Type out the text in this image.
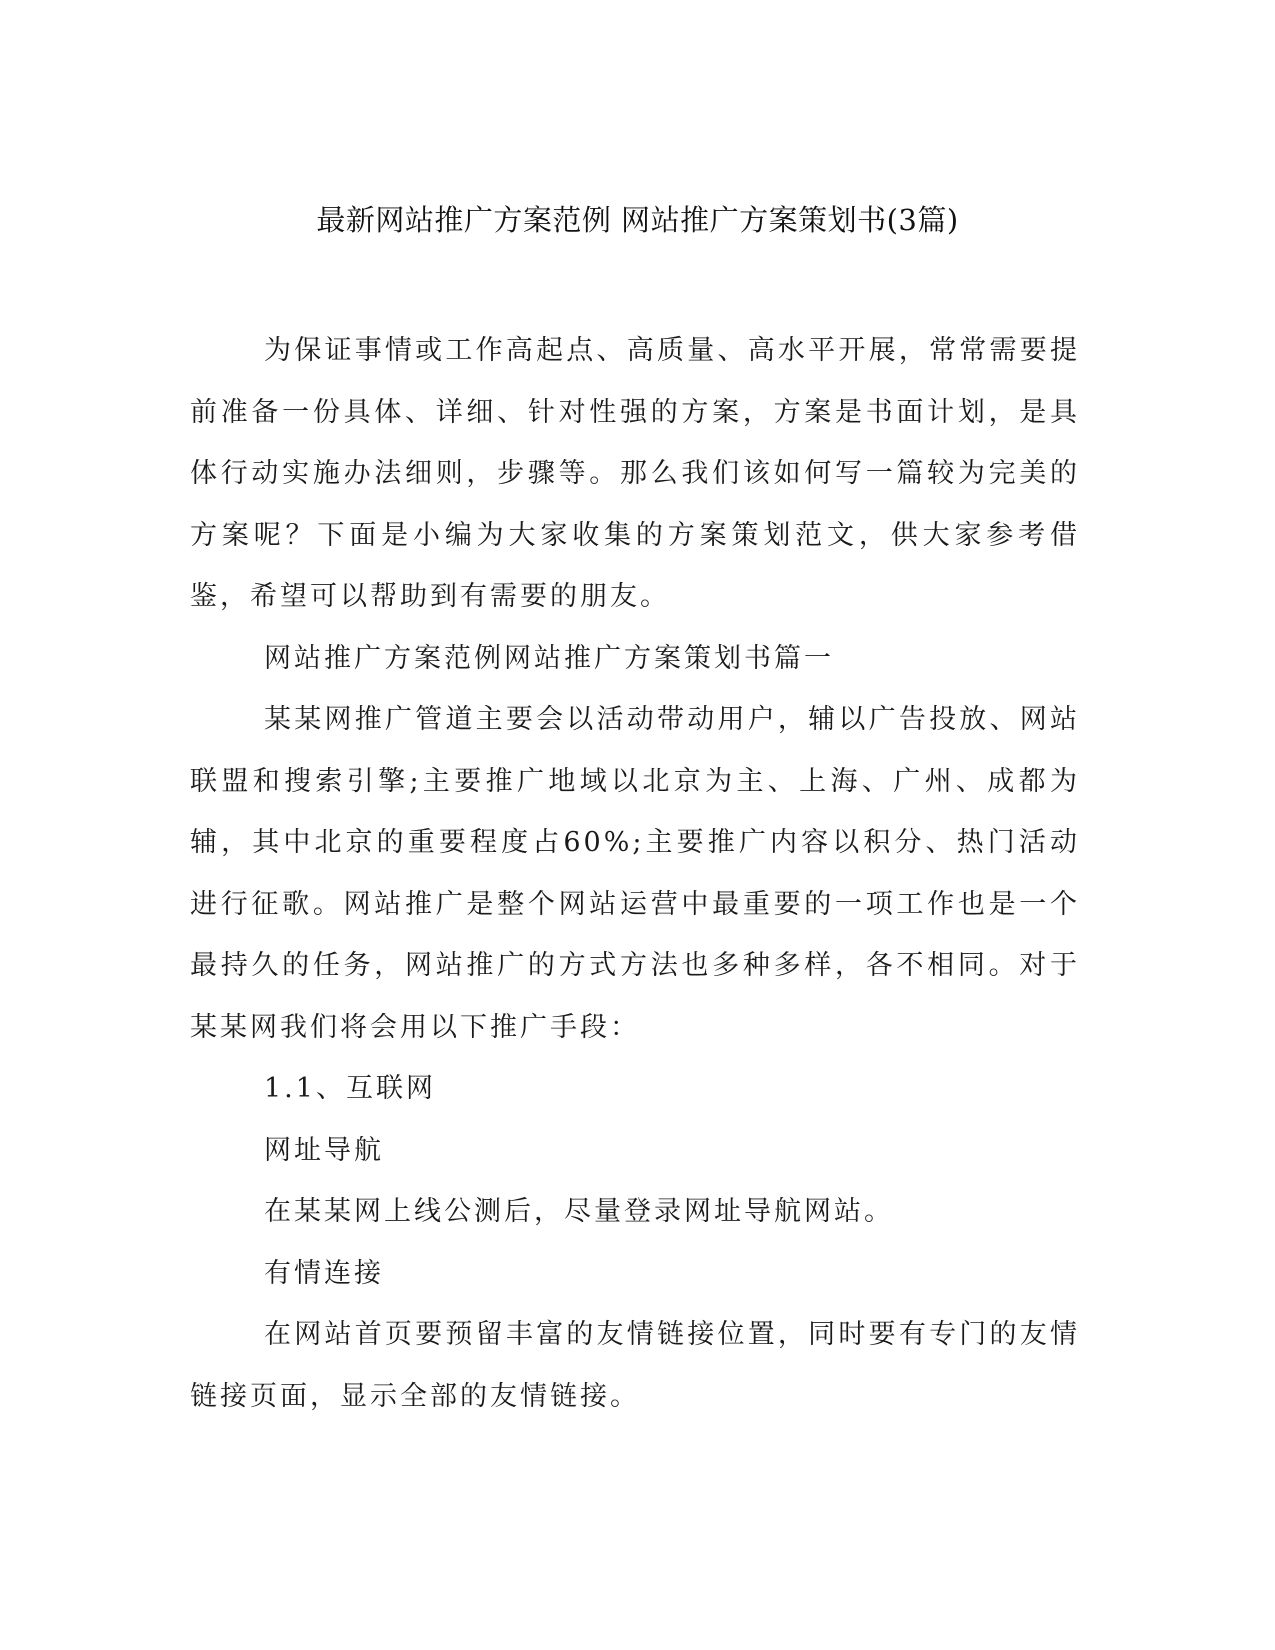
最新网站推广方案范例 网站推广方案策划书(3篇)

为保证事情或工作高起点、高质量、高水平开展，常常需要提前准备一份具体、详细、针对性强的方案，方案是书面计划，是具体行动实施办法细则，步骤等。那么我们该如何写一篇较为完美的方案呢？下面是小编为大家收集的方案策划范文，供大家参考借鉴，希望可以帮助到有需要的朋友。

网站推广方案范例网站推广方案策划书篇一

某某网推广管道主要会以活动带动用户，辅以广告投放、网站联盟和搜索引擎;主要推广地域以北京为主、上海、广州、成都为辅，其中北京的重要程度占60%;主要推广内容以积分、热门活动进行征歌。网站推广是整个网站运营中最重要的一项工作也是一个最持久的任务，网站推广的方式方法也多种多样，各不相同。对于某某网我们将会用以下推广手段：

1.1、互联网

网址导航

在某某网上线公测后，尽量登录网址导航网站。

有情连接

在网站首页要预留丰富的友情链接位置，同时要有专门的友情链接页面，显示全部的友情链接。
